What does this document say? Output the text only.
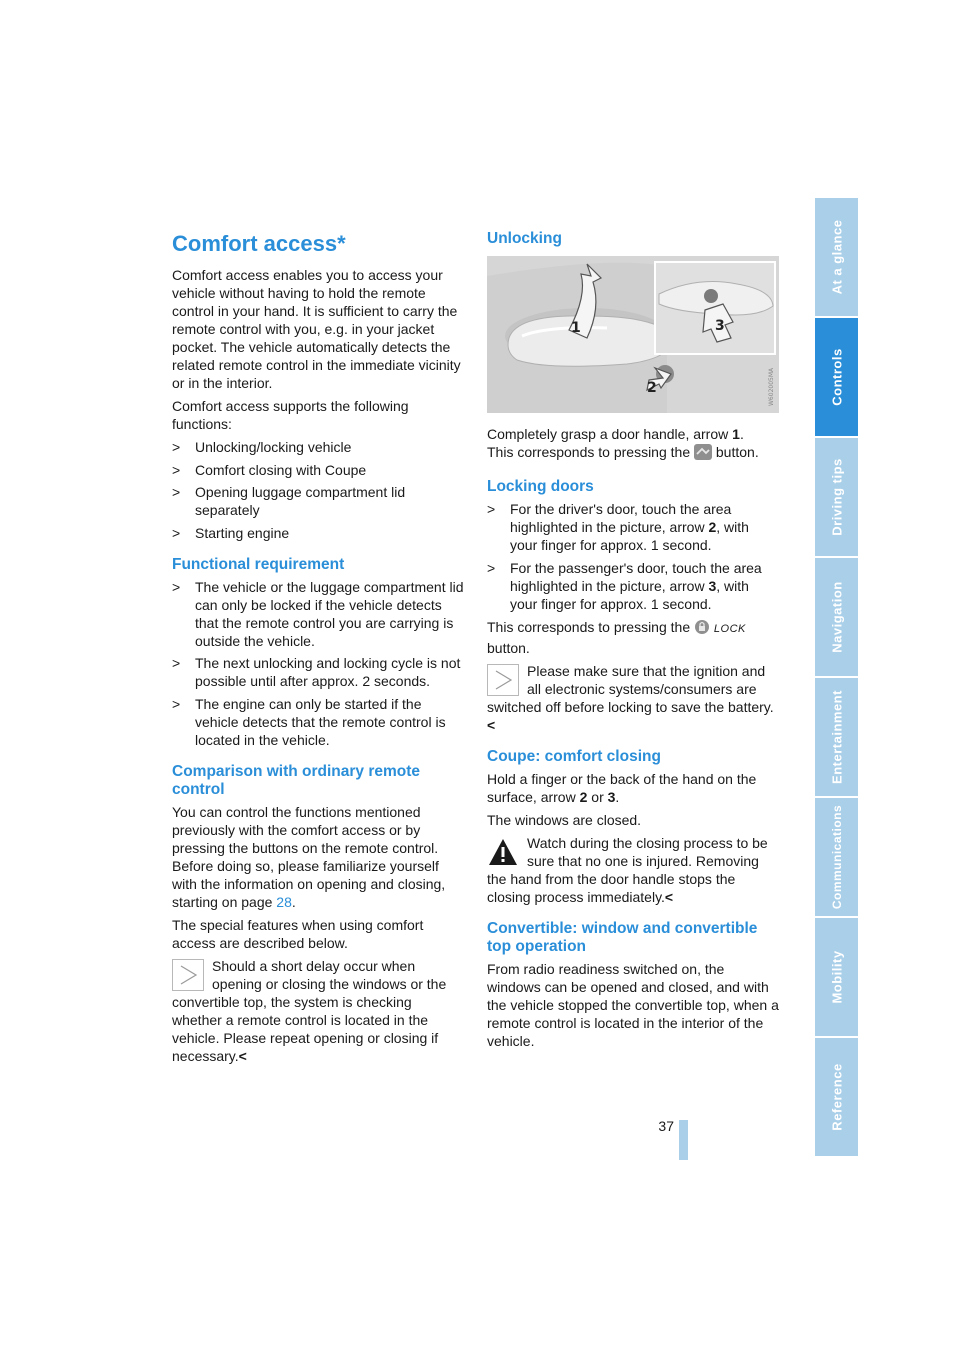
Comfort access*

Comfort access enables you to access your vehicle without having to hold the remote control in your hand. It is sufficient to carry the remote control with you, e.g. in your jacket pocket. The vehicle automatically detects the related remote control in the immediate vicinity or in the interior.

Comfort access supports the following functions:

> Unlocking/locking vehicle
> Comfort closing with Coupe
> Opening luggage compartment lid separately
> Starting engine
Functional requirement
> The vehicle or the luggage compartment lid can only be locked if the vehicle detects that the remote control you are carrying is outside the vehicle.
> The next unlocking and locking cycle is not possible until after approx. 2 seconds.
> The engine can only be started if the vehicle detects that the remote control is located in the vehicle.
Comparison with ordinary remote control

You can control the functions mentioned previously with the comfort access or by pressing the buttons on the remote control. Before doing so, please familiarize yourself with the information on opening and closing, starting on page 28.

The special features when using comfort access are described below.

Should a short delay occur when opening or closing the windows or the convertible top, the system is checking whether a remote control is located in the vehicle. Please repeat opening or closing if necessary.<
Unlocking
3
1
2	W602005MA

Completely grasp a door handle, arrow 1.
This corresponds to pressing the button.

Locking doors
> For the driver's door, touch the area highlighted in the picture, arrow 2, with your finger for approx. 1 second.
> For the passenger's door, touch the area highlighted in the picture, arrow 3, with your finger for approx. 1 second.

This corresponds to pressing the LOCK button.

Please make sure that the ignition and all electronic systems/consumers are switched off before locking to save the battery.<
Coupe: comfort closing

Hold a finger or the back of the hand on the surface, arrow 2 or 3.

The windows are closed.

Watch during the closing process to be sure that no one is injured. Removing the hand from the door handle stops the closing process immediately.<
Convertible: window and convertible top operation

From radio readiness switched on, the windows can be opened and closed, and with the vehicle stopped the convertible top, when a remote control is located in the interior of the vehicle.

At a glance
Controls
Driving tips
Navigation
Entertainment
Communications
Mobility
Reference
37
